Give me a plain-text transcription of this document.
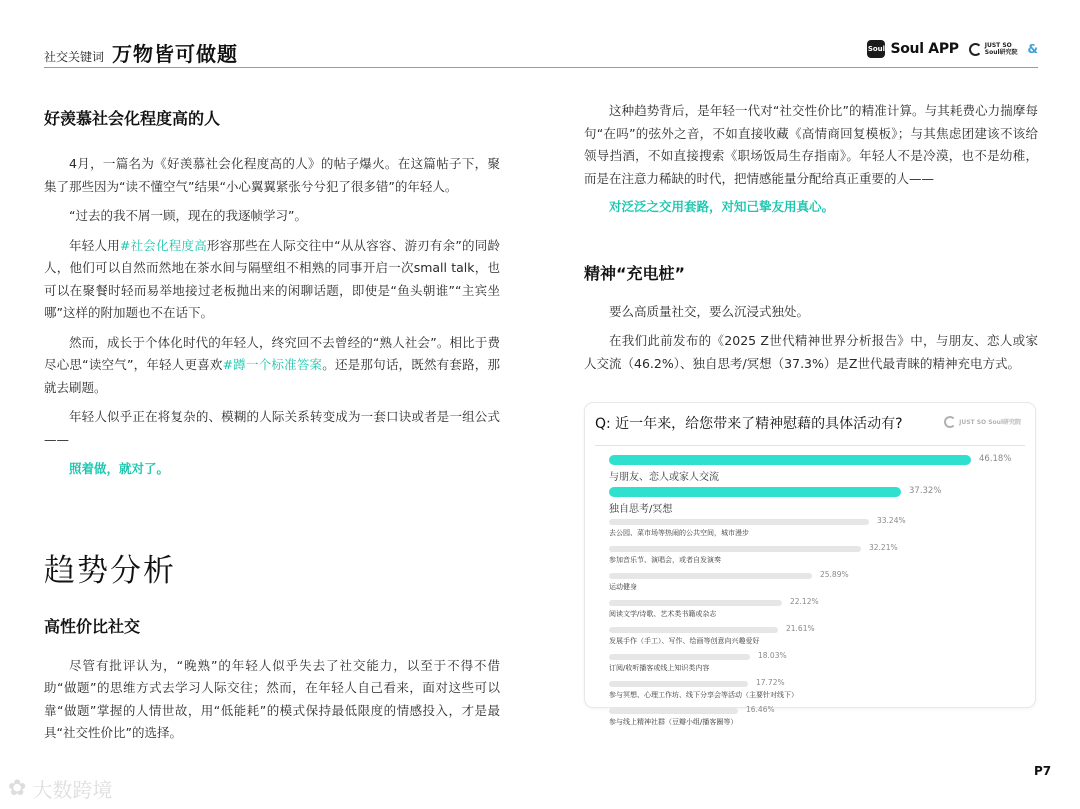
社交关键词 万物皆可做题	Soul Soul APP	JUST SO
Soul研究院 &
好羡慕社会化程度高的人

4月，一篇名为《好羡慕社会化程度高的人》的帖子爆火。在这篇帖子下，聚集了那些因为“读不懂空气”结果“小心翼翼紧张兮兮犯了很多错”的年轻人。

“过去的我不屑一顾，现在的我逐帧学习”。

年轻人用#社会化程度高形容那些在人际交往中“从从容容、游刃有余”的同龄人，他们可以自然而然地在茶水间与隔壁组不相熟的同事开启一次small talk，也可以在聚餐时轻而易举地接过老板抛出来的闲聊话题，即使是“鱼头朝谁”“主宾坐哪”这样的附加题也不在话下。

然而，成长于个体化时代的年轻人，终究回不去曾经的“熟人社会”。相比于费尽心思“读空气”，年轻人更喜欢#蹲一个标准答案。还是那句话，既然有套路，那就去刷题。

年轻人似乎正在将复杂的、模糊的人际关系转变成为一套口诀或者是一组公式——

照着做，就对了。

趋势分析
高性价比社交

尽管有批评认为，“晚熟”的年轻人似乎失去了社交能力，以至于不得不借助“做题”的思维方式去学习人际交往；然而，在年轻人自己看来，面对这些可以靠“做题”掌握的人情世故，用“低能耗”的模式保持最低限度的情感投入，才是最具“社交性价比”的选择。

这种趋势背后，是年轻一代对“社交性价比”的精准计算。与其耗费心力揣摩每句“在吗”的弦外之音，不如直接收藏《高情商回复模板》；与其焦虑团建该不该给领导挡酒，不如直接搜索《职场饭局生存指南》。年轻人不是冷漠，也不是幼稚，而是在注意力稀缺的时代，把情感能量分配给真正重要的人——

对泛泛之交用套路，对知己挚友用真心。

精神“充电桩”

要么高质量社交，要么沉浸式独处。

在我们此前发布的《2025 Z世代精神世界分析报告》中，与朋友、恋人或家人交流（46.2%）、独自思考/冥想（37.3%）是Z世代最青睐的精神充电方式。

Q: 近一年来，给您带来了精神慰藉的具体活动有?	JUST SO Soul研究院
46.18%
与朋友、恋人或家人交流
37.32%
独自思考/冥想
33.24%
去公园、菜市场等热闹的公共空间，城市漫步
32.21%
参加音乐节、演唱会，或者自发演奏
25.89%
运动健身
22.12%
阅读文学/诗歌、艺术类书籍或杂志
21.61%
发展手作（手工）、写作、绘画等创意向兴趣爱好
18.03%
订阅/收听播客或线上知识类内容
17.72%
参与冥想、心理工作坊、线下分享会等活动（主要针对线下）
16.46%
参与线上精神社群（豆瓣小组/播客圈等）
P7
✿ 大数跨境
